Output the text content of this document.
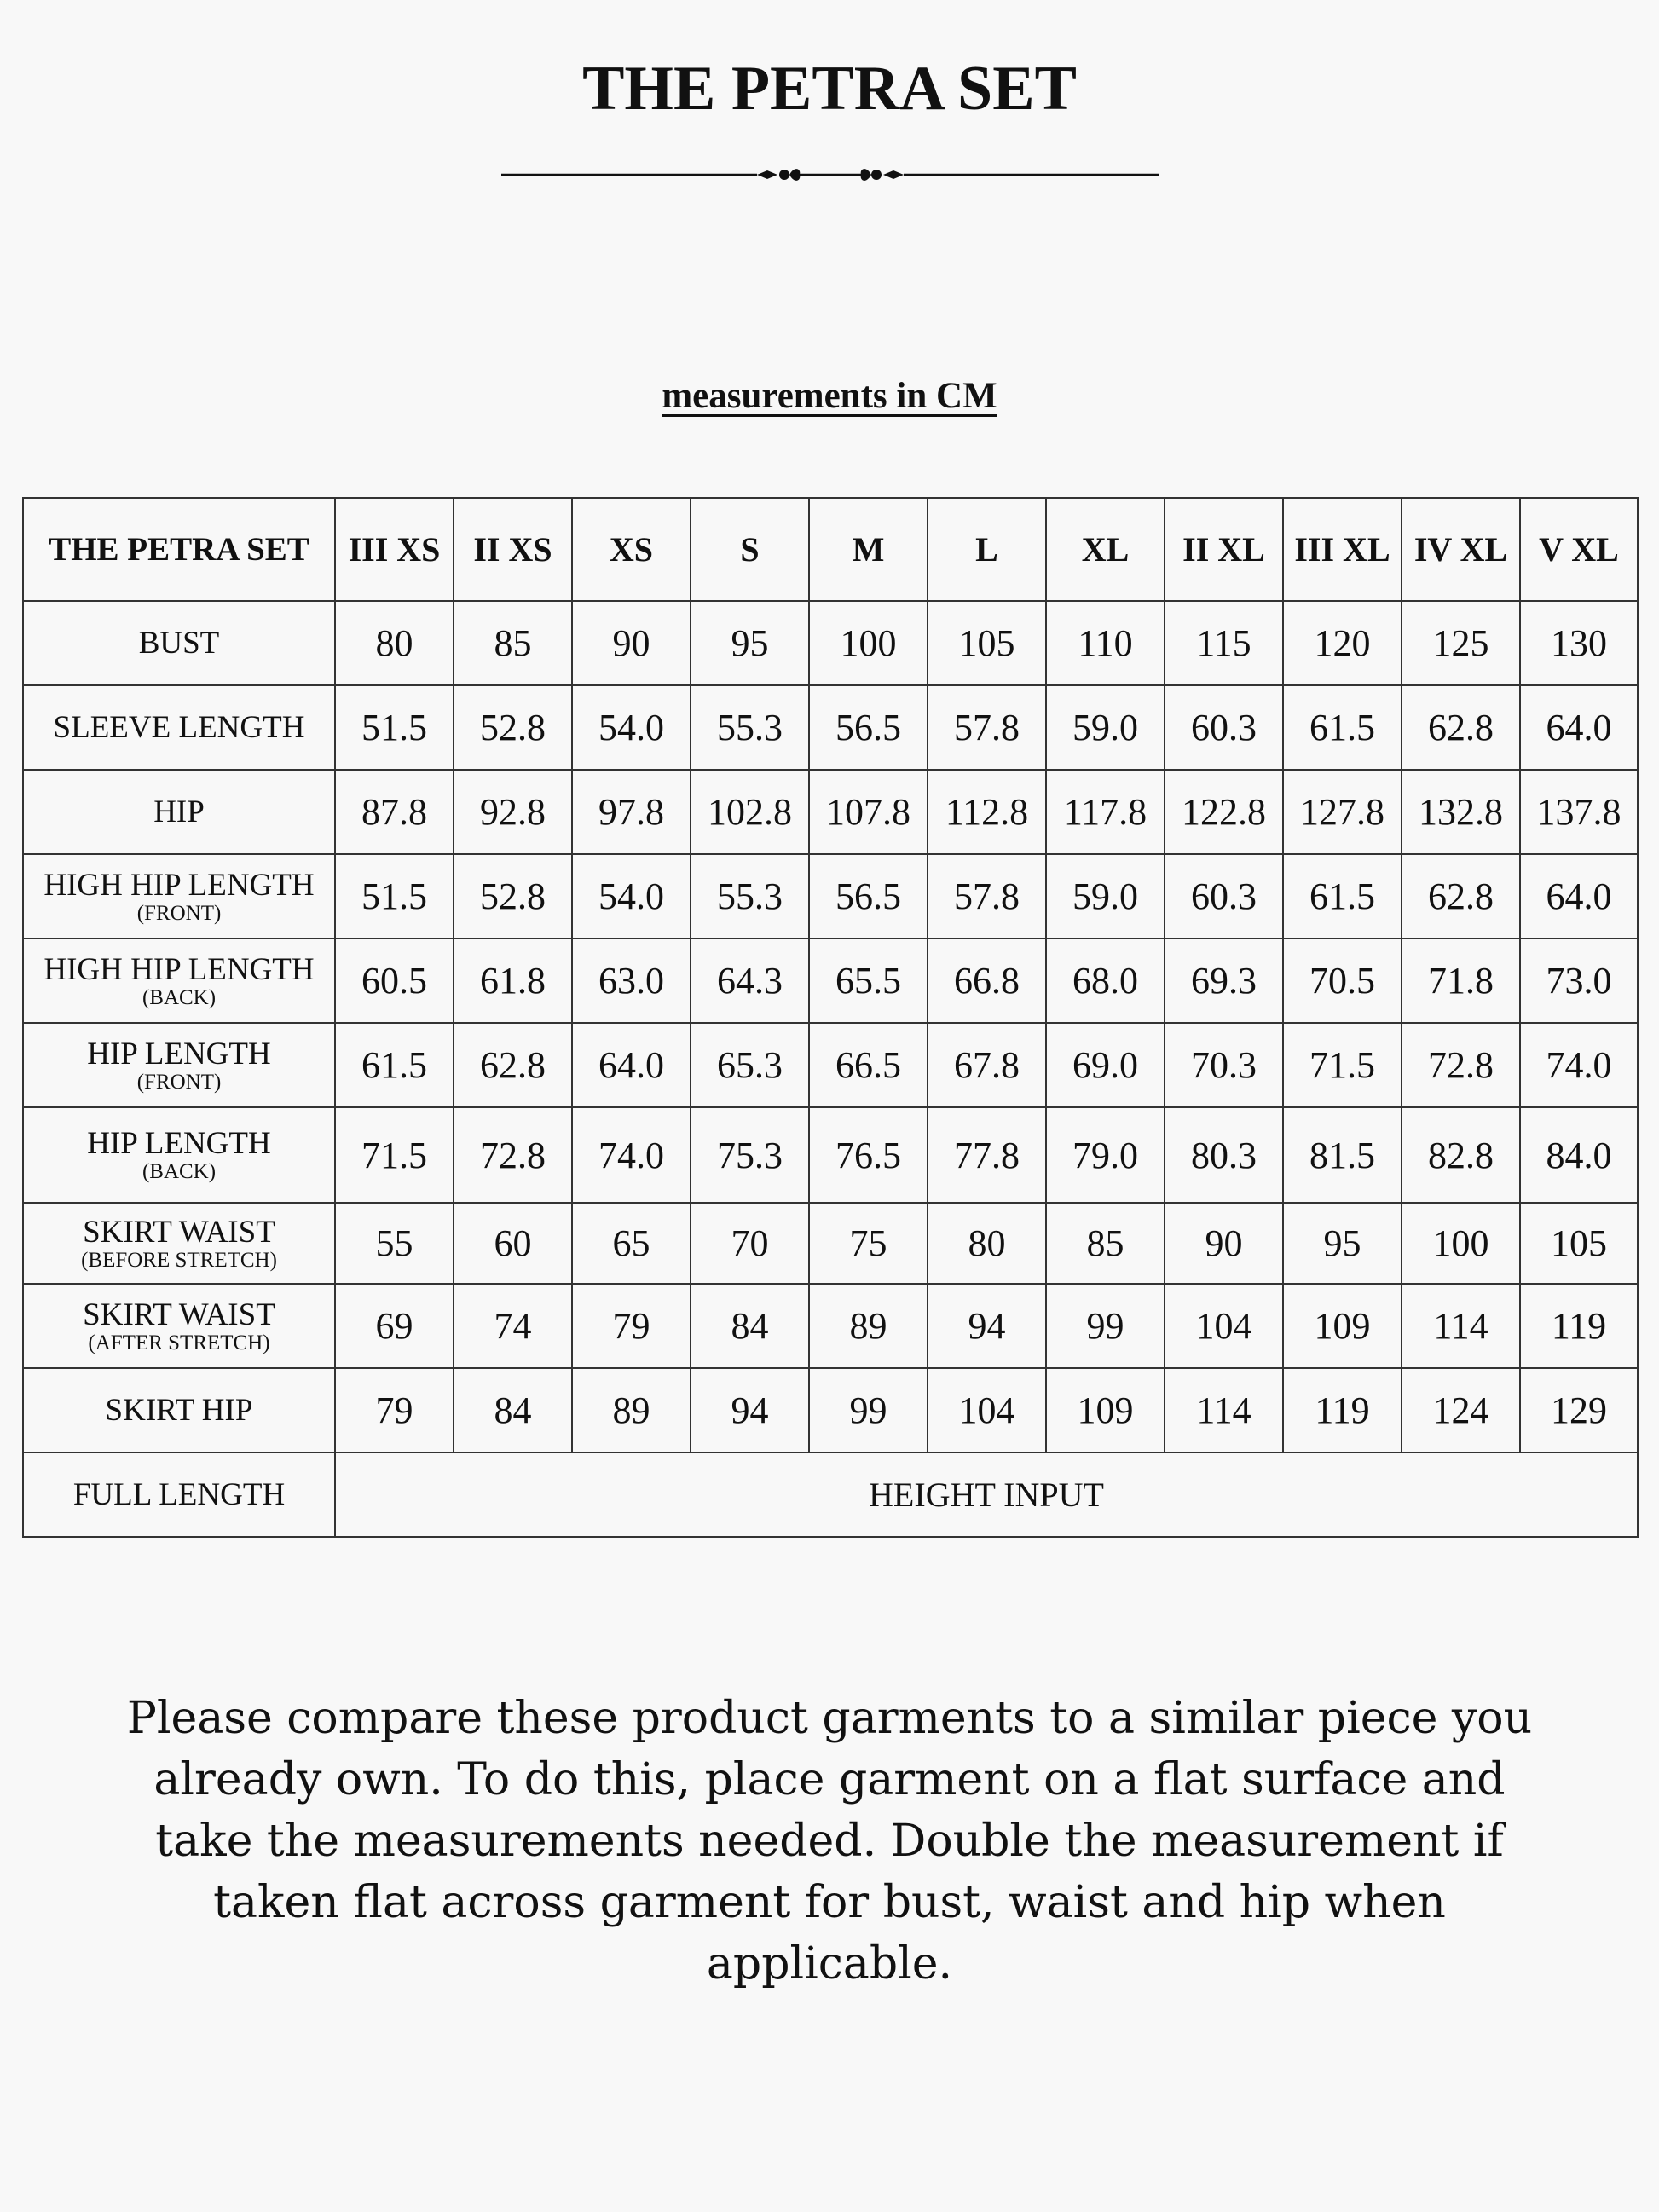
THE PETRA SET
measurements in CM
THE PETRA SET	III XS	II XS	XS	S	M	L	XL	II XL	III XL	IV XL	V XL

BUST	80	85	90	95	100	105	110	115	120	125	130

SLEEVE LENGTH	51.5	52.8	54.0	55.3	56.5	57.8	59.0	60.3	61.5	62.8	64.0

HIP	87.8	92.8	97.8	102.8	107.8	112.8	117.8	122.8	127.8	132.8	137.8

HIGH HIP LENGTH
(FRONT)	51.5	52.8	54.0	55.3	56.5	57.8	59.0	60.3	61.5	62.8	64.0

HIGH HIP LENGTH
(BACK)	60.5	61.8	63.0	64.3	65.5	66.8	68.0	69.3	70.5	71.8	73.0

HIP LENGTH
(FRONT)	61.5	62.8	64.0	65.3	66.5	67.8	69.0	70.3	71.5	72.8	74.0

HIP LENGTH
(BACK)	71.5	72.8	74.0	75.3	76.5	77.8	79.0	80.3	81.5	82.8	84.0

SKIRT WAIST
(BEFORE STRETCH)	55	60	65	70	75	80	85	90	95	100	105

SKIRT WAIST
(AFTER STRETCH)	69	74	79	84	89	94	99	104	109	114	119

SKIRT HIP	79	84	89	94	99	104	109	114	119	124	129
FULL LENGTH	HEIGHT INPUT										
Please compare these product garments to a similar piece you already own. To do this, place garment on a flat surface and take the measurements needed. Double the measurement if taken flat across garment for bust, waist and hip when applicable.
